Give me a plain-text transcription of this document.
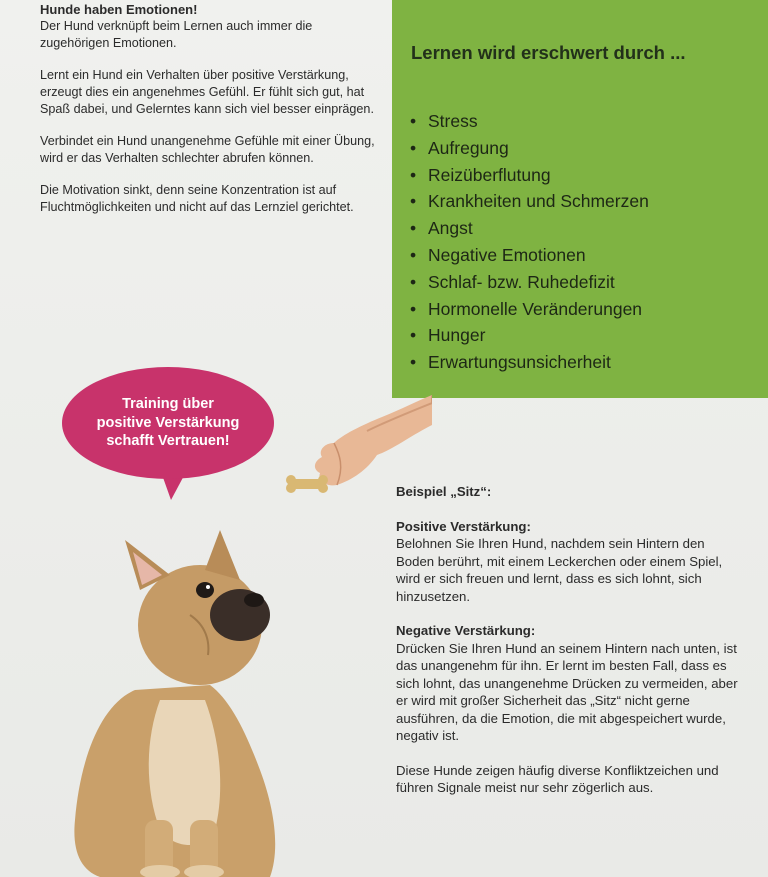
Hunde haben Emotionen!

Der Hund verknüpft beim Lernen auch immer die zugehörigen Emotionen.

Lernt ein Hund ein Verhalten über positive Verstärkung, erzeugt dies ein angenehmes Gefühl. Er fühlt sich gut, hat Spaß dabei, und Gelerntes kann sich viel besser einprägen.

Verbindet ein Hund unangenehme Gefühle mit einer Übung, wird er das Verhalten schlechter abrufen können.

Die Motivation sinkt, denn seine Konzentration ist auf Fluchtmöglichkeiten und nicht auf das Lernziel gerichtet.

Lernen wird erschwert durch ...
• Stress
• Aufregung
• Reizüberflutung
• Krankheiten und Schmerzen
• Angst
• Negative Emotionen
• Schlaf- bzw. Ruhedefizit
• Hormonelle Veränderungen
• Hunger
• Erwartungsunsicherheit
Training über
positive Verstärkung
schafft Vertrauen!

Beispiel „Sitz“:

Positive Verstärkung:

Belohnen Sie Ihren Hund, nachdem sein Hintern den Boden berührt, mit einem Leckerchen oder einem Spiel, wird er sich freuen und lernt, dass es sich lohnt, sich hinzusetzen.

Negative Verstärkung:

Drücken Sie Ihren Hund an seinem Hintern nach unten, ist das unangenehm für ihn. Er lernt im besten Fall, dass es sich lohnt, das unangenehme Drücken zu vermeiden, aber er wird mit großer Sicherheit das „Sitz“ nicht gerne ausführen, da die Emotion, die mit abgespeichert wurde, negativ ist.

Diese Hunde zeigen häufig diverse Konfliktzeichen und führen Signale meist nur sehr zögerlich aus.
